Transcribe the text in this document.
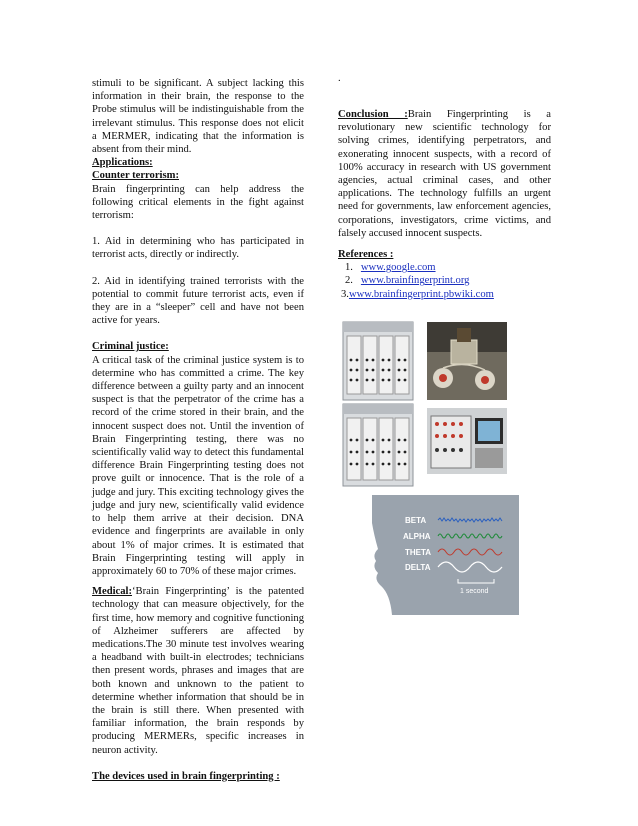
stimuli to be significant. A subject lacking this information in their brain, the response to the Probe stimulus will be indistinguishable from the irrelevant stimulus. This response does not elicit a MERMER, indicating that the information is absent from their mind.

Applications:
Counter terrorism:

Brain fingerprinting can help address the following critical elements in the fight against terrorism:

1. Aid in determining who has participated in terrorist acts, directly or indirectly.

2. Aid in identifying trained terrorists with the potential to commit future terrorist acts, even if they are in a “sleeper” cell and have not been active for years.

Criminal justice:

A critical task of the criminal justice system is to determine who has committed a crime. The key difference between a guilty party and an innocent suspect is that the perpetrator of the crime has a record of the crime stored in their brain, and the innocent suspect does not. Until the invention of Brain Fingerprinting testing, there was no scientifically valid way to detect this fundamental difference Brain Fingerprinting testing does not prove guilt or innocence. That is the role of a judge and jury. This exciting technology gives the judge and jury new, scientifically valid evidence to help them arrive at their decision. DNA evidence and fingerprints are available in only about 1% of major crimes. It is estimated that Brain Fingerprinting testing will apply in approximately 60 to 70% of these major crimes.

Medical:‘Brain Fingerprinting’ is the patented technology that can measure objectively, for the first time, how memory and cognitive functioning of Alzheimer sufferers are affected by medications.The 30 minute test involves wearing a headband with built-in electrodes; technicians then present words, phrases and images that are both known and unknown to the patient to determine whether information that should be in the brain is still there. When presented with familiar information, the brain responds by producing MERMERs, specific increases in neuron activity.

The devices used in brain fingerprinting :
.

Conclusion :Brain Fingerprinting is a revolutionary new scientific technology for solving crimes, identifying perpetrators, and exonerating innocent suspects, with a record of 100% accuracy in research with US government agencies, actual criminal cases, and other applications. The technology fulfills an urgent need for governments, law enforcement agencies, corporations, investigators, crime victims, and falsely accused innocent suspects.

References :
1. www.google.com
2. www.brainfingerprint.org
3.www.brainfingerprint.pbwiki.com
BETA
ALPHA
THETA
DELTA
1 second
